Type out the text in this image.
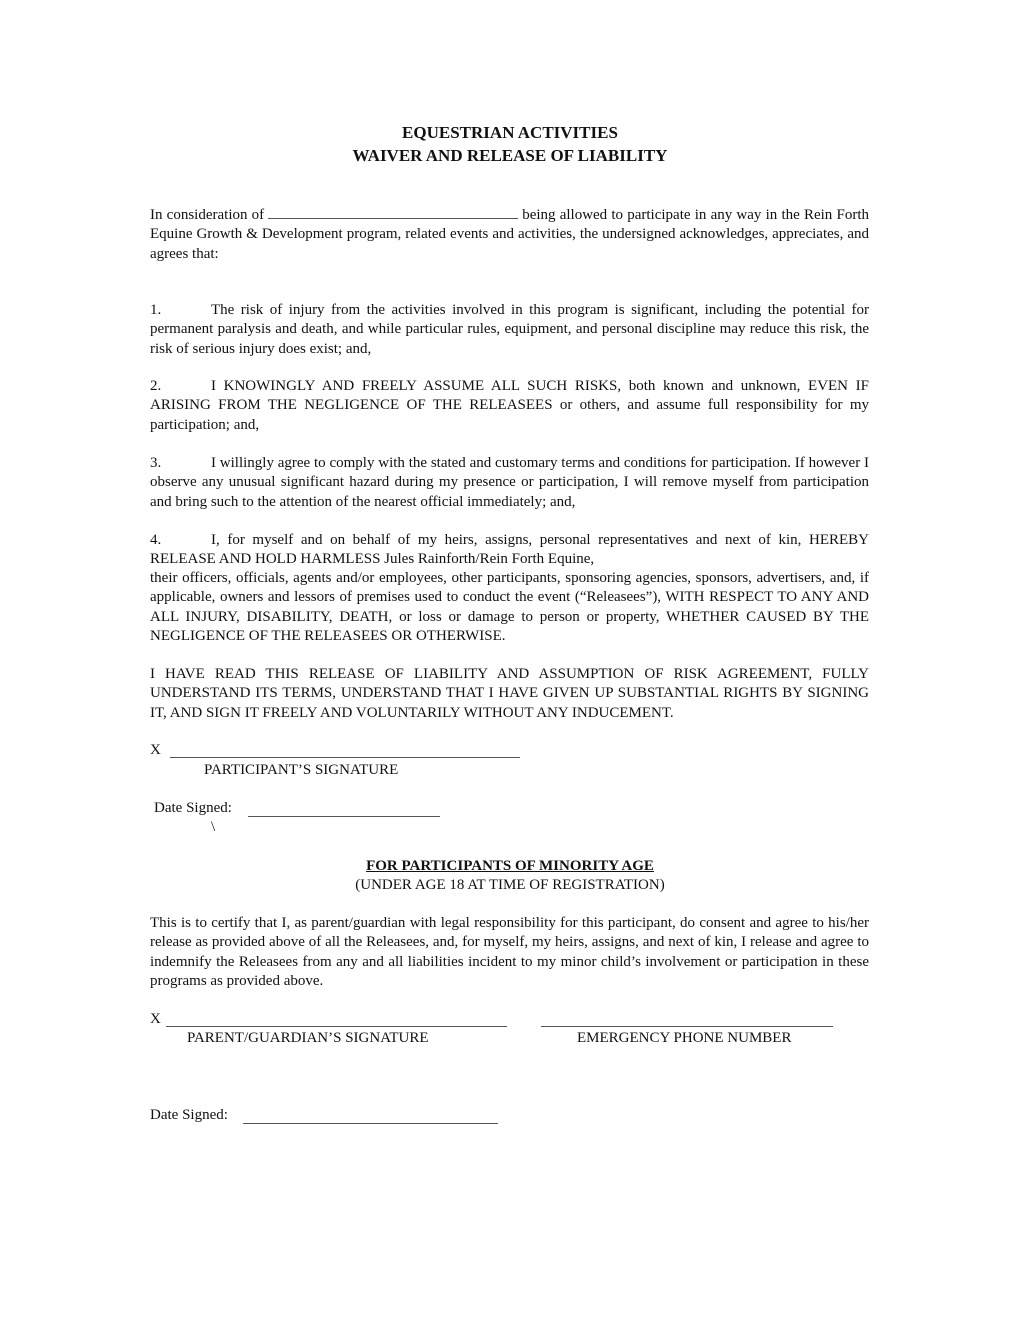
EQUESTRIAN ACTIVITIES
WAIVER AND RELEASE OF LIABILITY
In consideration of	being allowed to participate in any way in the Rein Forth Equine Growth & Development program, related events and activities, the undersigned acknowledges, appreciates, and agrees that:
1.	The risk of injury from the activities involved in this program is significant, including the potential for permanent paralysis and death, and while particular rules, equipment, and personal discipline may reduce this risk, the risk of serious injury does exist; and,
2.	I KNOWINGLY AND FREELY ASSUME ALL SUCH RISKS, both known and unknown, EVEN IF ARISING FROM THE NEGLIGENCE OF THE RELEASEES or others, and assume full responsibility for my participation; and,
3.	I willingly agree to comply with the stated and customary terms and conditions for participation. If however I observe any unusual significant hazard during my presence or participation, I will remove myself from participation and bring such to the attention of the nearest official immediately; and,
4.	I, for myself and on behalf of my heirs, assigns, personal representatives and next of kin, HEREBY RELEASE AND HOLD HARMLESS Jules Rainforth/Rein Forth Equine,
their officers, officials, agents and/or employees, other participants, sponsoring agencies, sponsors, advertisers, and, if applicable, owners and lessors of premises used to conduct the event (“Releasees”), WITH RESPECT TO ANY AND ALL INJURY, DISABILITY, DEATH, or loss or damage to person or property, WHETHER CAUSED BY THE NEGLIGENCE OF THE RELEASEES OR OTHERWISE.
I HAVE READ THIS RELEASE OF LIABILITY AND ASSUMPTION OF RISK AGREEMENT, FULLY UNDERSTAND ITS TERMS, UNDERSTAND THAT I HAVE GIVEN UP SUBSTANTIAL RIGHTS BY SIGNING IT, AND SIGN IT FREELY AND VOLUNTARILY WITHOUT ANY INDUCEMENT.
X
PARTICIPANT’S SIGNATURE
Date Signed:
\
FOR PARTICIPANTS OF MINORITY AGE
(UNDER AGE 18 AT TIME OF REGISTRATION)
This is to certify that I, as parent/guardian with legal responsibility for this participant, do consent and agree to his/her release as provided above of all the Releasees, and, for myself, my heirs, assigns, and next of kin, I release and agree to indemnify the Releasees from any and all liabilities incident to my minor child’s involvement or participation in these programs as provided above.
X
PARENT/GUARDIAN’S SIGNATURE	EMERGENCY PHONE NUMBER
Date Signed:
